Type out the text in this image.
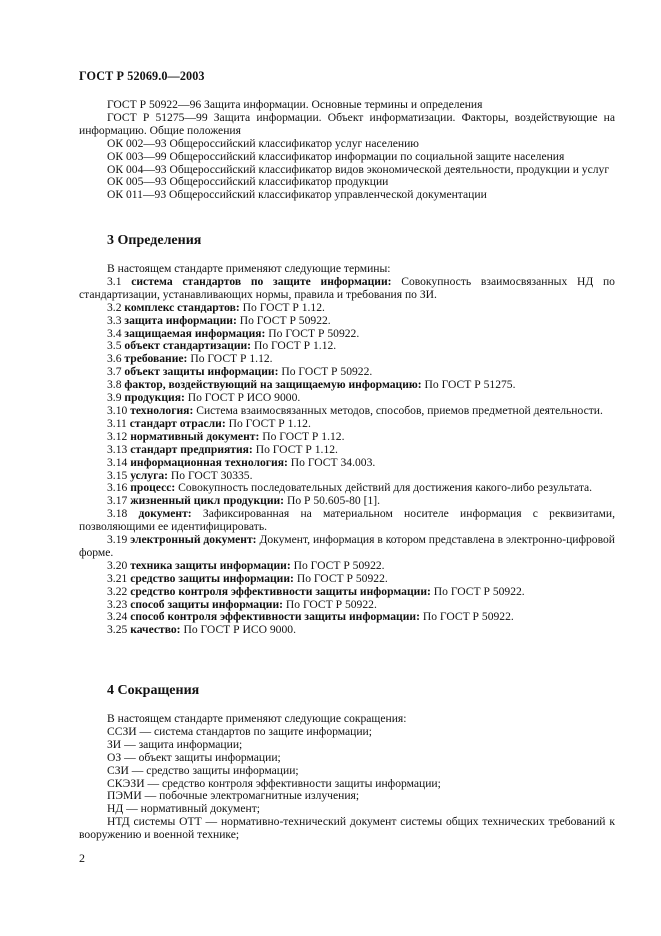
ГОСТ Р 52069.0—2003
ГОСТ Р 50922—96 Защита информации. Основные термины и определения
ГОСТ Р 51275—99 Защита информации. Объект информатизации. Факторы, воздействующие на информацию. Общие положения
ОК 002—93 Общероссийский классификатор услуг населению
ОК 003—99 Общероссийский классификатор информации по социальной защите населения
ОК 004—93 Общероссийский классификатор видов экономической деятельности, продукции и услуг
ОК 005—93 Общероссийский классификатор продукции
ОК 011—93 Общероссийский классификатор управленческой документации
3 Определения
В настоящем стандарте применяют следующие термины:
3.1 система стандартов по защите информации: Совокупность взаимосвязанных НД по стандартизации, устанавливающих нормы, правила и требования по ЗИ.
3.2 комплекс стандартов: По ГОСТ Р 1.12.
3.3 защита информации: По ГОСТ Р 50922.
3.4 защищаемая информация: По ГОСТ Р 50922.
3.5 объект стандартизации: По ГОСТ Р 1.12.
3.6 требование: По ГОСТ Р 1.12.
3.7 объект защиты информации: По ГОСТ Р 50922.
3.8 фактор, воздействующий на защищаемую информацию: По ГОСТ Р 51275.
3.9 продукция: По ГОСТ Р ИСО 9000.
3.10 технология: Система взаимосвязанных методов, способов, приемов предметной деятельности.
3.11 стандарт отрасли: По ГОСТ Р 1.12.
3.12 нормативный документ: По ГОСТ Р 1.12.
3.13 стандарт предприятия: По ГОСТ Р 1.12.
3.14 информационная технология: По ГОСТ 34.003.
3.15 услуга: По ГОСТ 30335.
3.16 процесс: Совокупность последовательных действий для достижения какого-либо результата.
3.17 жизненный цикл продукции: По Р 50.605-80 [1].
3.18 документ: Зафиксированная на материальном носителе информация с реквизитами, позволяющими ее идентифицировать.
3.19 электронный документ: Документ, информация в котором представлена в электронно-цифровой форме.
3.20 техника защиты информации: По ГОСТ Р 50922.
3.21 средство защиты информации: По ГОСТ Р 50922.
3.22 средство контроля эффективности защиты информации: По ГОСТ Р 50922.
3.23 способ защиты информации: По ГОСТ Р 50922.
3.24 способ контроля эффективности защиты информации: По ГОСТ Р 50922.
3.25 качество: По ГОСТ Р ИСО 9000.
4 Сокращения
В настоящем стандарте применяют следующие сокращения:
ССЗИ — система стандартов по защите информации;
ЗИ — защита информации;
ОЗ — объект защиты информации;
СЗИ — средство защиты информации;
СКЭЗИ — средство контроля эффективности защиты информации;
ПЭМИ — побочные электромагнитные излучения;
НД — нормативный документ;
НТД системы ОТТ — нормативно-технический документ системы общих технических требований к вооружению и военной технике;
2
